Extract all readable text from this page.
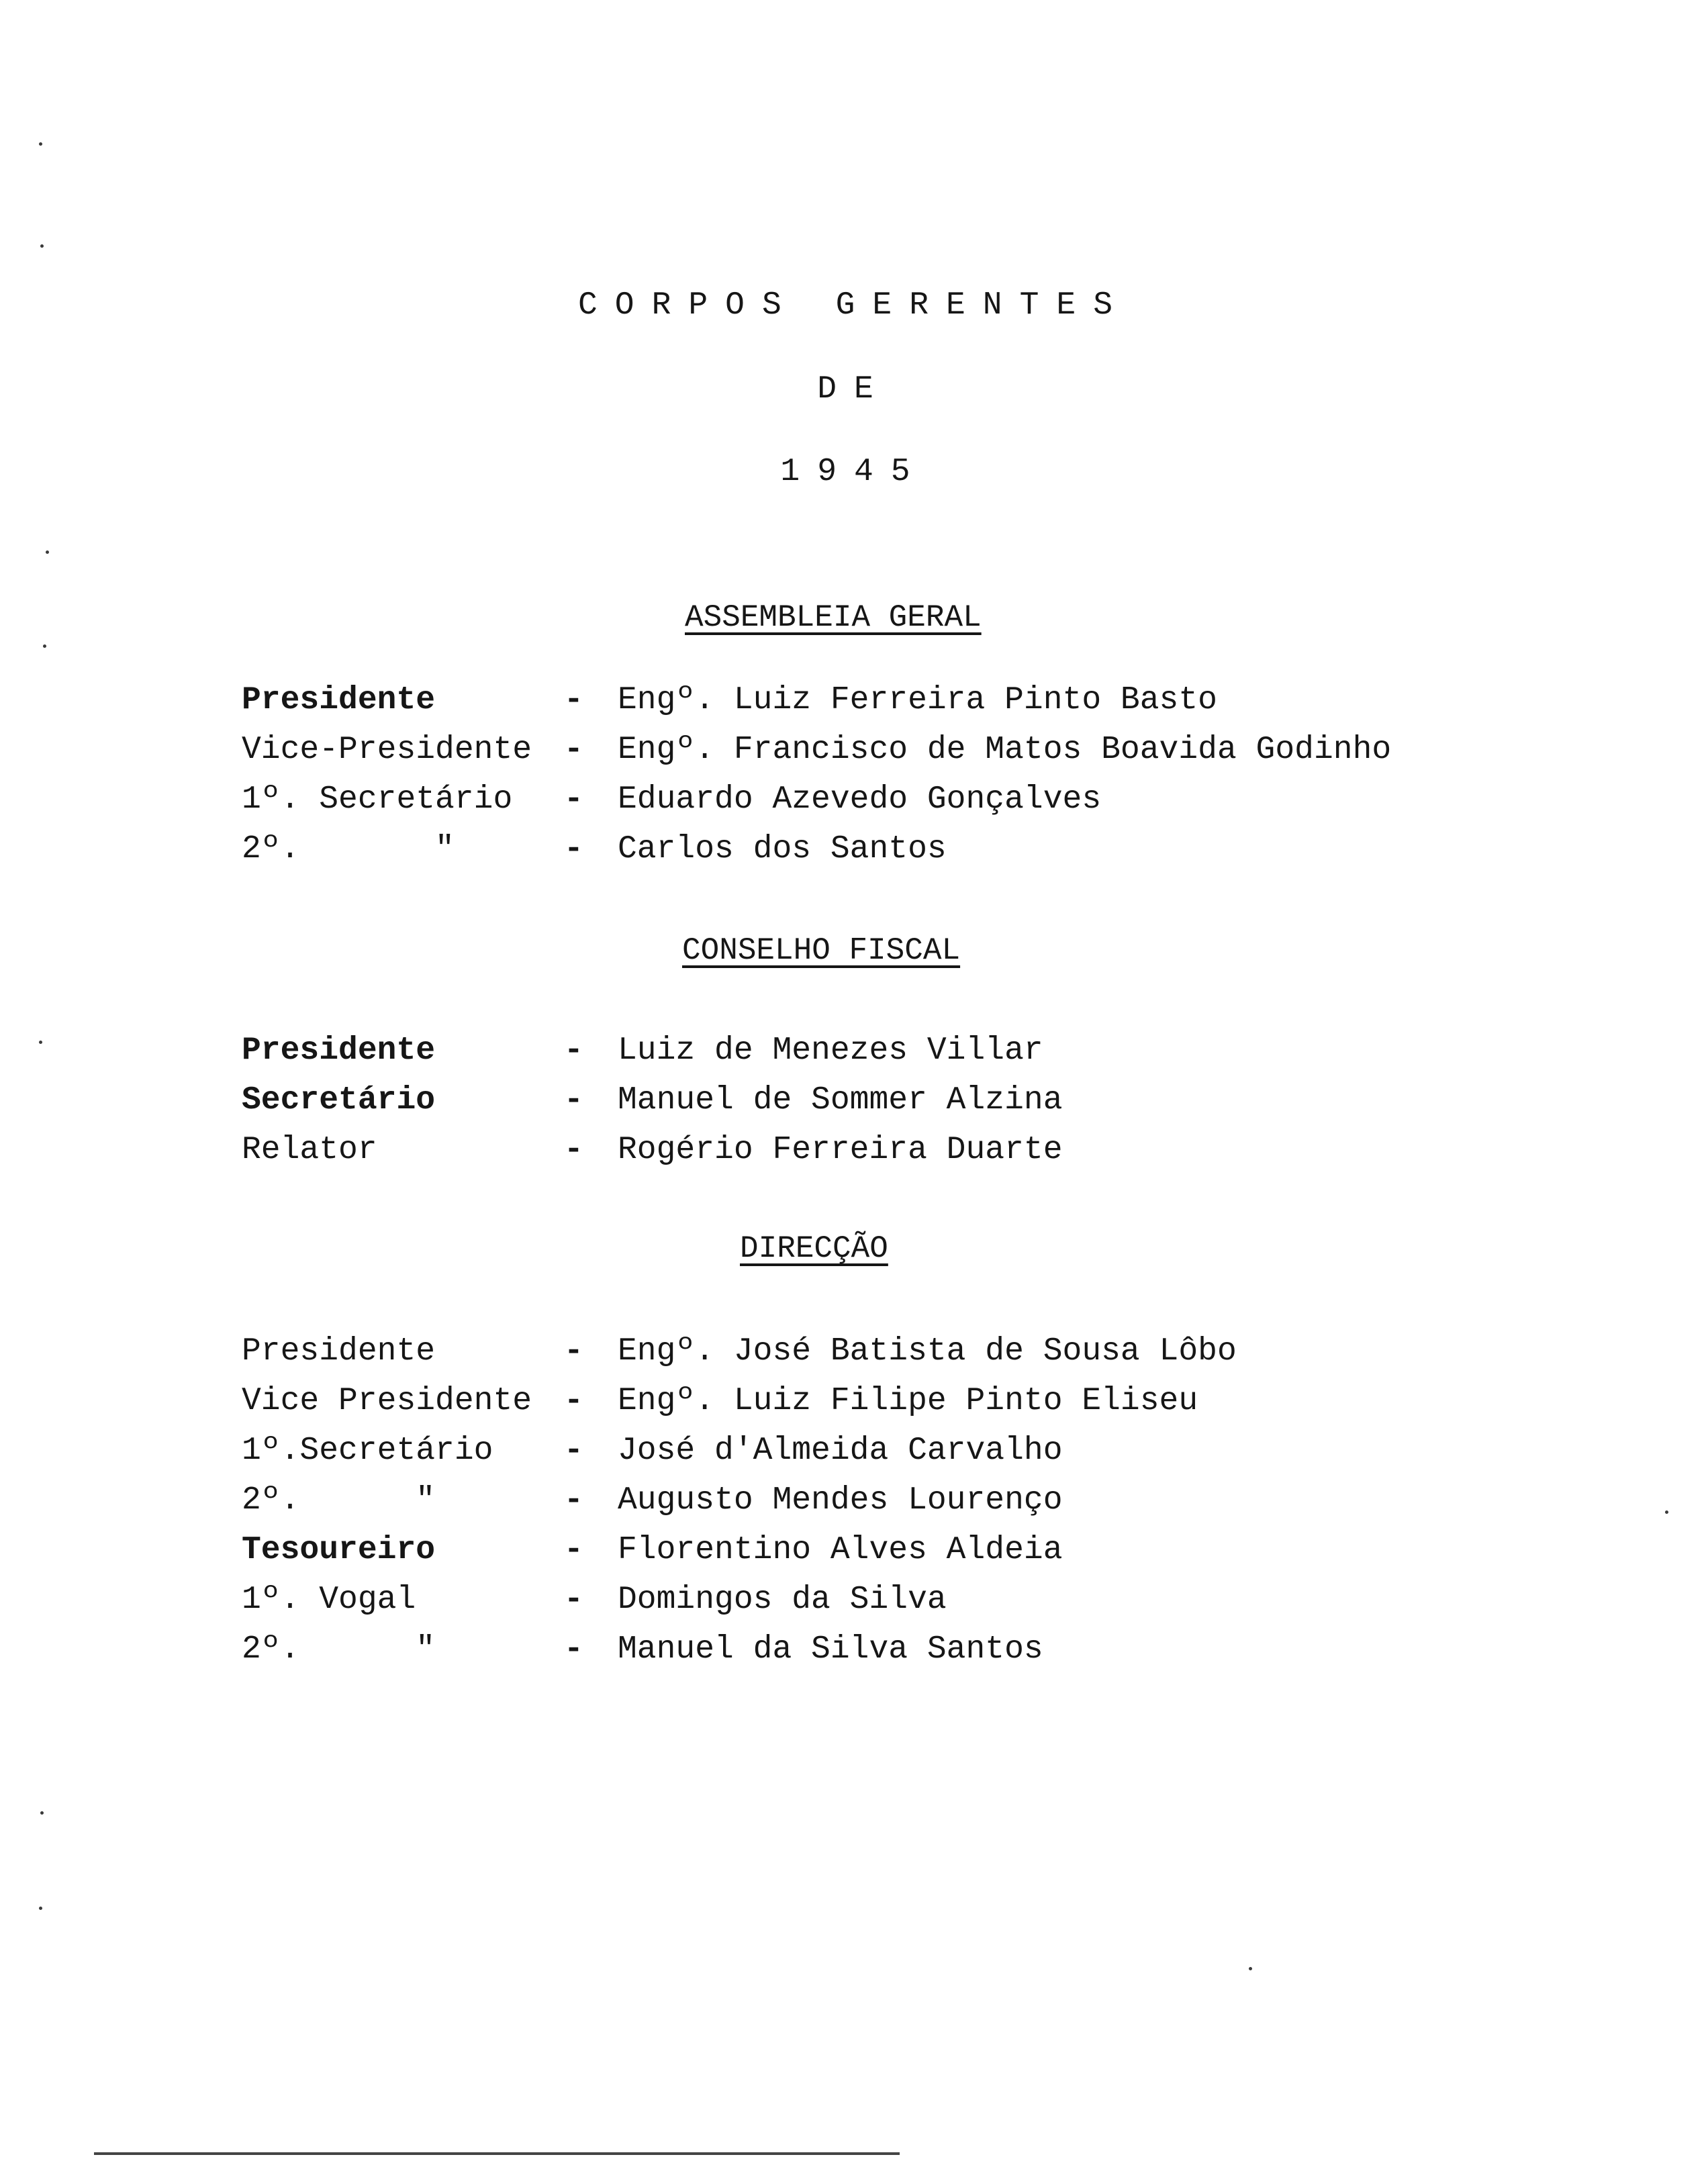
CORPOS GERENTES
DE
1945
ASSEMBLEIA GERAL
Presidente	- Engº. Luiz Ferreira Pinto Basto
Vice-Presidente - Engº. Francisco de Matos Boavida Godinho
1º. Secretário - Eduardo Azevedo Gonçalves
2º.       "	- Carlos dos Santos
CONSELHO FISCAL
Presidente	- Luiz de Menezes Villar
Secretário	- Manuel de Sommer Alzina
Relator	- Rogério Ferreira Duarte
DIRECÇÃO
Presidente	- Engº. José Batista de Sousa Lôbo
Vice Presidente - Engº. Luiz Filipe Pinto Eliseu
1º.Secretário - José d'Almeida Carvalho
2º.      "	- Augusto Mendes Lourenço
Tesoureiro	- Florentino Alves Aldeia
1º. Vogal	- Domingos da Silva
2º.      "	- Manuel da Silva Santos
